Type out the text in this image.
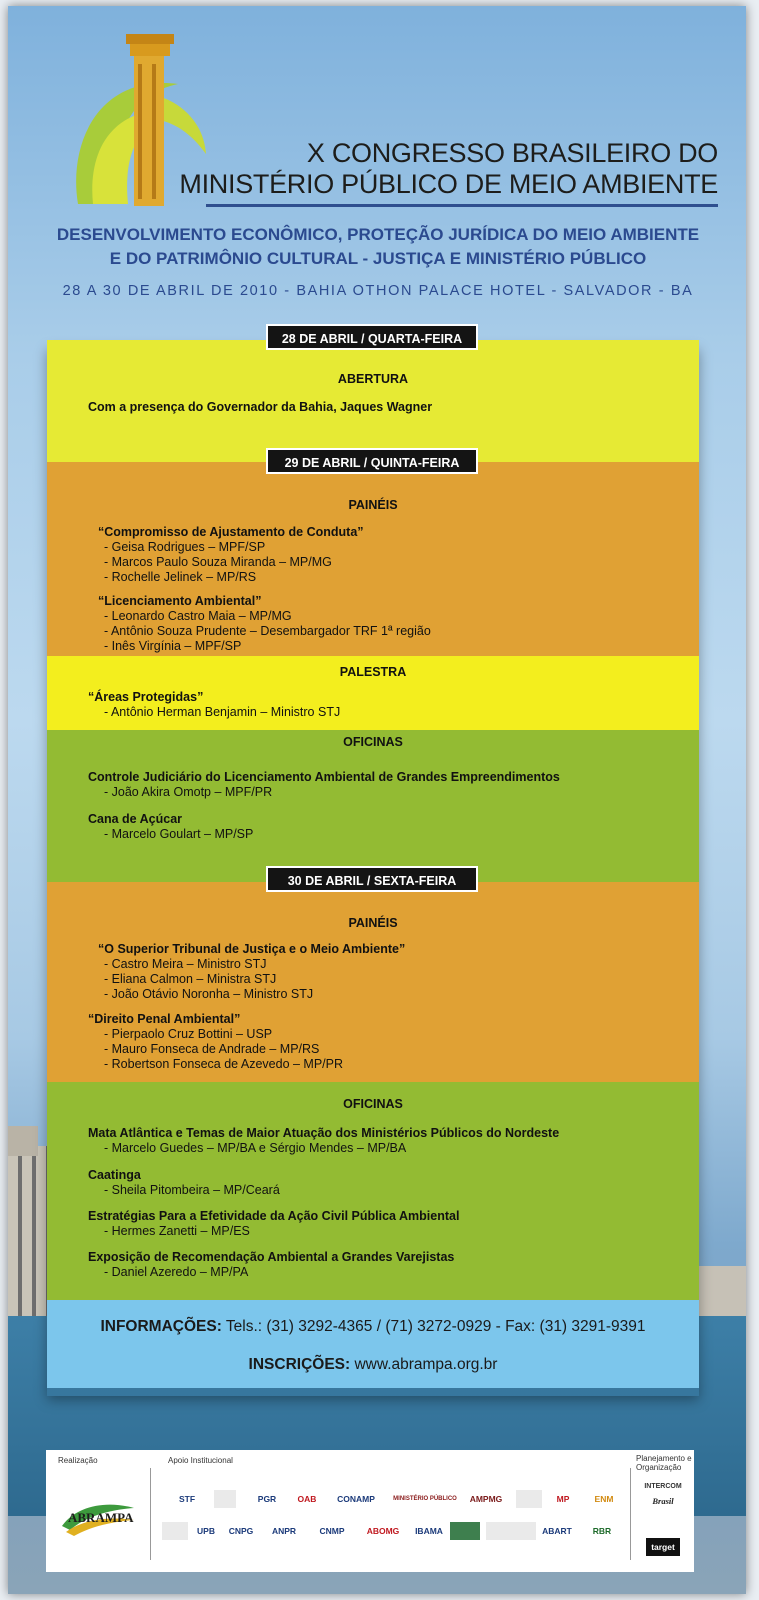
X CONGRESSO BRASILEIRO DO
MINISTÉRIO PÚBLICO DE MEIO AMBIENTE
DESENVOLVIMENTO ECONÔMICO, PROTEÇÃO JURÍDICA DO MEIO AMBIENTE
E DO PATRIMÔNIO CULTURAL - JUSTIÇA E MINISTÉRIO PÚBLICO
28 A 30 DE ABRIL DE 2010 - BAHIA OTHON PALACE HOTEL - SALVADOR - BA
28 DE ABRIL / QUARTA-FEIRA
ABERTURA
Com a presença do Governador da Bahia, Jaques Wagner
29 DE ABRIL / QUINTA-FEIRA
PAINÉIS
“Compromisso de Ajustamento de Conduta”
- Geisa Rodrigues – MPF/SP
- Marcos Paulo Souza Miranda – MP/MG
- Rochelle Jelinek – MP/RS
“Licenciamento Ambiental”
- Leonardo Castro Maia – MP/MG
- Antônio Souza Prudente – Desembargador TRF 1ª região
- Inês Virgínia – MPF/SP
PALESTRA
“Áreas Protegidas”
- Antônio Herman Benjamin – Ministro STJ
OFICINAS
Controle Judiciário do Licenciamento Ambiental de Grandes Empreendimentos
- João Akira Omotp – MPF/PR
Cana de Açúcar
- Marcelo Goulart – MP/SP
30 DE ABRIL / SEXTA-FEIRA
PAINÉIS
“O Superior Tribunal de Justiça e o Meio Ambiente”
- Castro Meira – Ministro STJ
- Eliana Calmon – Ministra STJ
- João Otávio Noronha – Ministro STJ
“Direito Penal Ambiental”
- Pierpaolo Cruz Bottini – USP
- Mauro Fonseca de Andrade – MP/RS
- Robertson Fonseca de Azevedo – MP/PR
OFICINAS
Mata Atlântica e Temas de Maior Atuação dos Ministérios Públicos do Nordeste
- Marcelo Guedes – MP/BA e Sérgio Mendes – MP/BA
Caatinga
- Sheila Pitombeira – MP/Ceará
Estratégias Para a Efetividade da Ação Civil Pública Ambiental
- Hermes Zanetti – MP/ES
Exposição de Recomendação Ambiental a Grandes Varejistas
- Daniel Azeredo – MP/PA
INFORMAÇÕES: Tels.: (31) 3292-4365 / (71) 3272-0929 - Fax: (31) 3291-9391
INSCRIÇÕES: www.abrampa.org.br
Realização	Apoio Institucional	Planejamento e Organização
ABRAMPA
STF	PGR	OAB	CONAMP	MINISTÉRIO PÚBLICO	AMPMG	MP	ENM
UPB	CNPG	ANPR	CNMP	ABOMG	IBAMA	ABART	RBR
INTERCOM
Brasil
target
